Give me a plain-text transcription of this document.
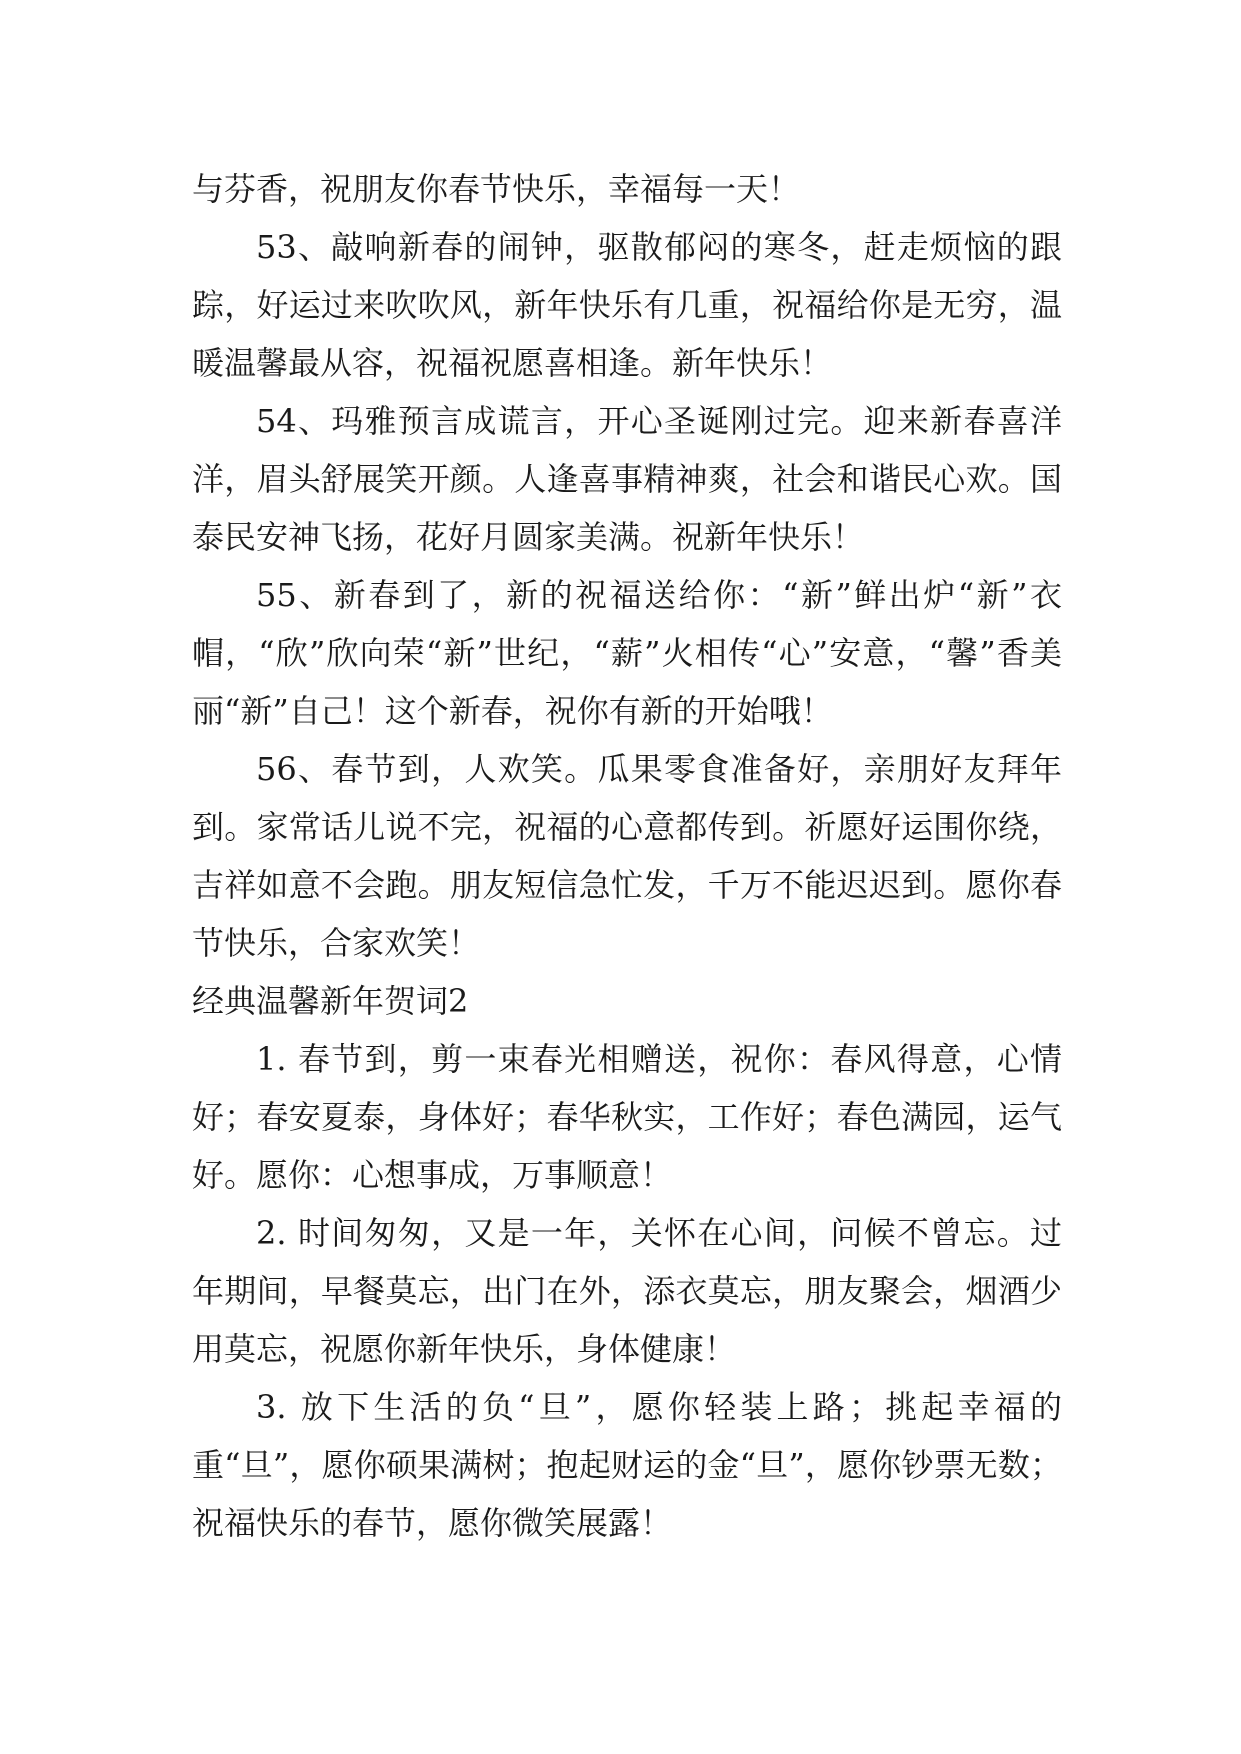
与芬香，祝朋友你春节快乐，幸福每一天！

53、敲响新春的闹钟，驱散郁闷的寒冬，赶走烦恼的跟踪，好运过来吹吹风，新年快乐有几重，祝福给你是无穷，温暖温馨最从容，祝福祝愿喜相逢。新年快乐！

54、玛雅预言成谎言，开心圣诞刚过完。迎来新春喜洋洋，眉头舒展笑开颜。人逢喜事精神爽，社会和谐民心欢。国泰民安神飞扬，花好月圆家美满。祝新年快乐！

55、新春到了，新的祝福送给你：“新”鲜出炉“新”衣帽，“欣”欣向荣“新”世纪，“薪”火相传“心”安意，“馨”香美丽“新”自己！这个新春，祝你有新的开始哦！

56、春节到，人欢笑。瓜果零食准备好，亲朋好友拜年到。家常话儿说不完，祝福的心意都传到。祈愿好运围你绕，吉祥如意不会跑。朋友短信急忙发，千万不能迟迟到。愿你春节快乐，合家欢笑！

经典温馨新年贺词2

1. 春节到，剪一束春光相赠送，祝你：春风得意，心情好；春安夏泰，身体好；春华秋实，工作好；春色满园，运气好。愿你：心想事成，万事顺意！

2. 时间匆匆，又是一年，关怀在心间，问候不曾忘。过年期间，早餐莫忘，出门在外，添衣莫忘，朋友聚会，烟酒少用莫忘，祝愿你新年快乐，身体健康！

3. 放下生活的负“旦”，愿你轻装上路；挑起幸福的重“旦”，愿你硕果满树；抱起财运的金“旦”，愿你钞票无数；祝福快乐的春节，愿你微笑展露！
